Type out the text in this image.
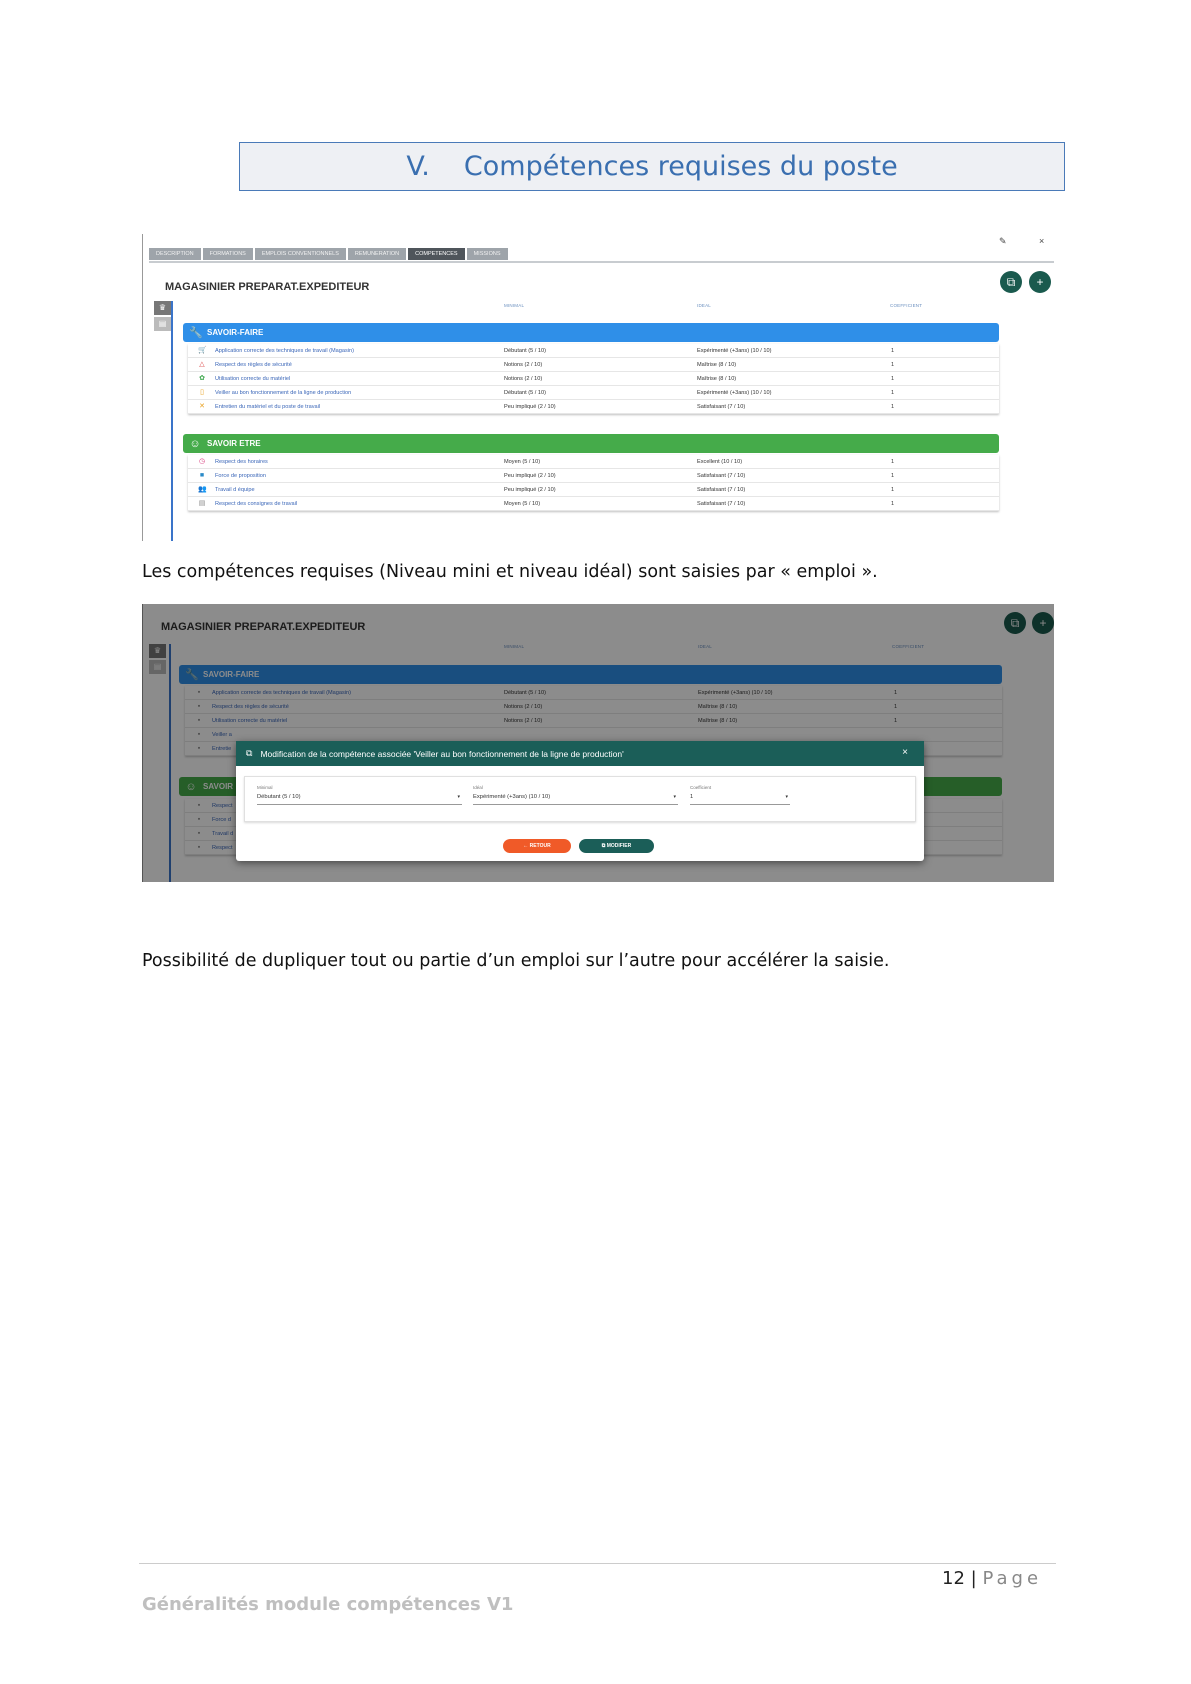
V. Compétences requises du poste
DESCRIPTION	FORMATIONS	EMPLOIS CONVENTIONNELS	REMUNERATION	COMPETENCES	MISSIONS
✎	×
MAGASINIER PREPARAT.EXPEDITEUR	⧉	+
MINIMAL	IDEAL	COEFFICIENT
♛
▤
🔧 SAVOIR-FAIRE
🛒 Application correcte des techniques de travail (Magasin)	Débutant (5 / 10)	Expérimenté (+3ans) (10 / 10)	1
△ Respect des règles de sécurité	Notions (2 / 10)	Maîtrise (8 / 10)	1
✿ Utilisation correcte du matériel	Notions (2 / 10)	Maîtrise (8 / 10)	1
▯	Veiller au bon fonctionnement de la ligne de production	Débutant (5 / 10)	Expérimenté (+3ans) (10 / 10)	1
✕ Entretien du matériel et du poste de travail	Peu impliqué (2 / 10)	Satisfaisant (7 / 10)	1
☺ SAVOIR ETRE
◷ Respect des horaires	Moyen (5 / 10)	Excellent (10 / 10)	1
■	Force de proposition	Peu impliqué (2 / 10)	Satisfaisant (7 / 10)	1
👥 Travail d équipe	Peu impliqué (2 / 10)	Satisfaisant (7 / 10)	1
▤ Respect des consignes de travail	Moyen (5 / 10)	Satisfaisant (7 / 10)	1
Les compétences requises (Niveau mini et niveau idéal) sont saisies par « emploi ».
MAGASINIER PREPARAT.EXPEDITEUR	⧉	+
MINIMAL	IDEAL	COEFFICIENT
♛
▤
🔧 SAVOIR-FAIRE
▪	Application correcte des techniques de travail (Magasin)	Débutant (5 / 10)	Expérimenté (+3ans) (10 / 10)	1
▪	Respect des règles de sécurité	Notions (2 / 10)	Maîtrise (8 / 10)	1
▪	Utilisation correcte du matériel	Notions (2 / 10)	Maîtrise (8 / 10)	1
▪	Veiller a
▪	Entretie
☺ SAVOIR
▪	Respect
▪	Force d
▪	Travail d
▪	Respect
⧉ Modification de la compétence associée 'Veiller au bon fonctionnement de la ligne de production'	×
Minimal
Débutant (5 / 10)	▾
Idéal
Expérimenté (+3ans) (10 / 10)	▾
Coefficient
1	▾
← RETOUR	⧉ MODIFIER
Possibilité de dupliquer tout ou partie d’un emploi sur l’autre pour accélérer la saisie.
12 | Page
Généralités module compétences V1
